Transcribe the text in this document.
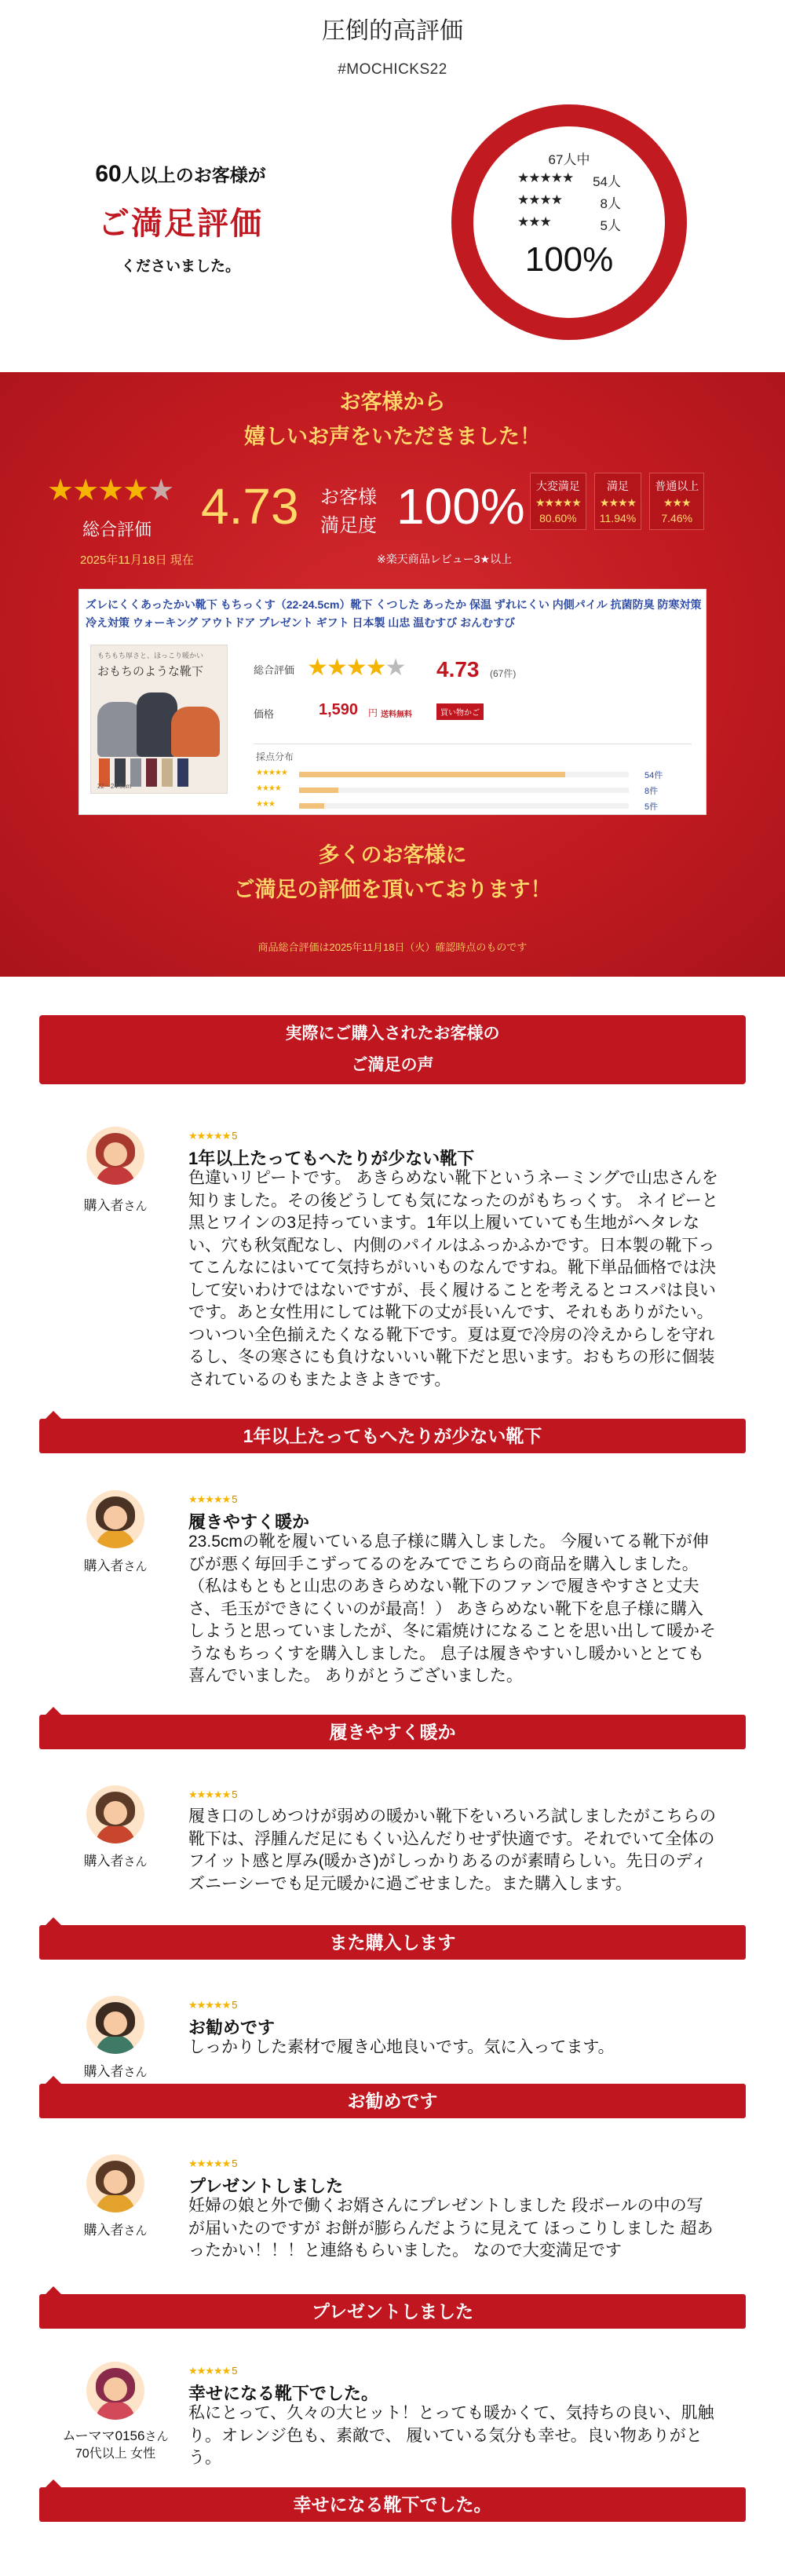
圧倒的高評価
#MOCHICKS22
60人以上のお客様が
ご満足評価
くださいました。
67人中
★★★★★	54人
★★★★	8人
★★★	5人
100%
お客様から
嬉しいお声をいただきました！
★★★★★
総合評価
2025年11月18日 現在
4.73 お客様
満足度 100%
※楽天商品レビュー3★以上
大変満足
★★★★★
80.60%
満足
★★★★
11.94%
普通以上
★★★
7.46%
ズレにくくあったかい靴下 もちっくす（22-24.5cm）靴下 くつした あったか 保温 ずれにくい 内側パイル 抗菌防臭 防寒対策 冷え対策 ウォーキング アウトドア プレゼント ギフト 日本製 山忠 温むすび おんむすび
もちもち厚さと、ほっこり暖かい
おもちのような靴下
22〜24.5cm
総合評価 ★★★★★ 4.73 (67件)
価格	1,590 円 送料無料	買い物かご
採点分布
★★★★★	54件
★★★★	8件
★★★	5件
多くのお客様に
ご満足の評価を頂いております！
商品総合評価は2025年11月18日（火）確認時点のものです
実際にご購入されたお客様の
ご満足の声
購入者さん
★★★★★ 5
1年以上たってもへたりが少ない靴下
色違いリピートです。 あきらめない靴下というネーミングで山忠さんを知りました。その後どうしても気になったのがもちっくす。 ネイビーと黒とワインの3足持っています。1年以上履いていても生地がヘタレない、穴も秋気配なし、内側のパイルはふっかふかです。日本製の靴下ってこんなにはいてて気持ちがいいものなんですね。靴下単品価格では決して安いわけではないですが、長く履けることを考えるとコスパは良いです。あと女性用にしては靴下の丈が長いんです、それもありがたい。ついつい全色揃えたくなる靴下です。夏は夏で冷房の冷えからしを守れるし、冬の寒さにも負けないいい靴下だと思います。おもちの形に個装されているのもまたよきよきです。
1年以上たってもへたりが少ない靴下
購入者さん
★★★★★ 5
履きやすく暖か
23.5cmの靴を履いている息子様に購入しました。 今履いてる靴下が伸びが悪く毎回手こずってるのをみてでこちらの商品を購入しました。 （私はもともと山忠のあきらめない靴下のファンで履きやすさと丈夫さ、毛玉ができにくいのが最高！） あきらめない靴下を息子様に購入しようと思っていましたが、冬に霜焼けになることを思い出して暖かそうなもちっくすを購入しました。 息子は履きやすいし暖かいととても喜んでいました。 ありがとうございました。
履きやすく暖か
購入者さん
★★★★★ 5
履き口のしめつけが弱めの暖かい靴下をいろいろ試しましたがこちらの靴下は、浮腫んだ足にもくい込んだりせず快適です。それでいて全体のフイット感と厚み(暖かさ)がしっかりあるのが素晴らしい。先日のディズニーシーでも足元暖かに過ごせました。また購入します。
また購入します
購入者さん
★★★★★ 5
お勧めです
しっかりした素材で履き心地良いです。気に入ってます。
お勧めです
購入者さん
★★★★★ 5
プレゼントしました
妊婦の娘と外で働くお婿さんにプレゼントしました 段ボールの中の写が届いたのですが お餅が膨らんだように見えて ほっこりしました 超あったかい！！！と連絡もらいました。 なので大変満足です
プレゼントしました
ムーママ0156さん
70代以上 女性
★★★★★ 5
幸せになる靴下でした。
私にとって、久々の大ヒット！とっても暖かくて、気持ちの良い、肌触り。オレンジ色も、素敵で、 履いている気分も幸せ。良い物ありがとう。
幸せになる靴下でした。
